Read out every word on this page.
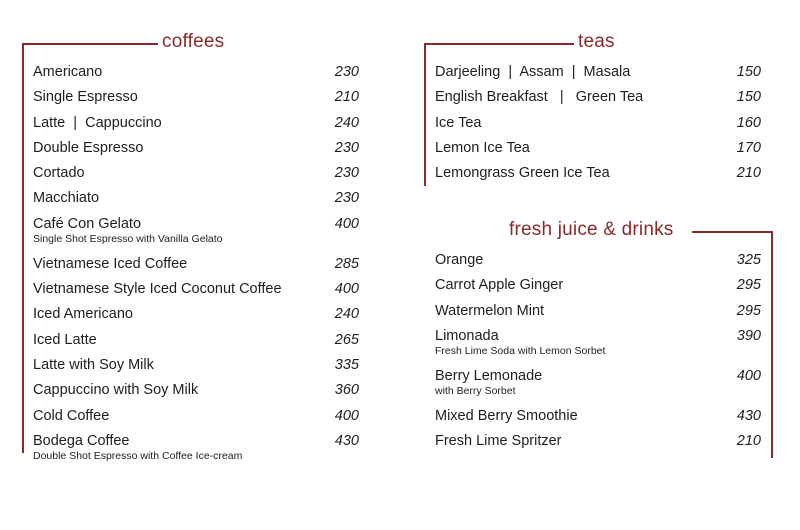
coffees
Americano	230
Single Espresso	210
Latte  |  Cappuccino	240
Double Espresso	230
Cortado	230
Macchiato	230
Café Con Gelato	400
Single Shot Espresso with Vanilla Gelato
Vietnamese Iced Coffee	285
Vietnamese Style Iced Coconut Coffee	400
Iced Americano	240
Iced Latte	265
Latte with Soy Milk	335
Cappuccino with Soy Milk	360
Cold Coffee	400
Bodega Coffee	430
Double Shot Espresso with Coffee Ice-cream
teas
Darjeeling  |  Assam  |  Masala	150
English Breakfast   |   Green Tea	150
Ice Tea	160
Lemon Ice Tea	170
Lemongrass Green Ice Tea	210
fresh juice & drinks
Orange	325
Carrot Apple Ginger	295
Watermelon Mint	295
Limonada	390
Fresh Lime Soda with Lemon Sorbet
Berry Lemonade	400
with Berry Sorbet
Mixed Berry Smoothie	430
Fresh Lime Spritzer	210
